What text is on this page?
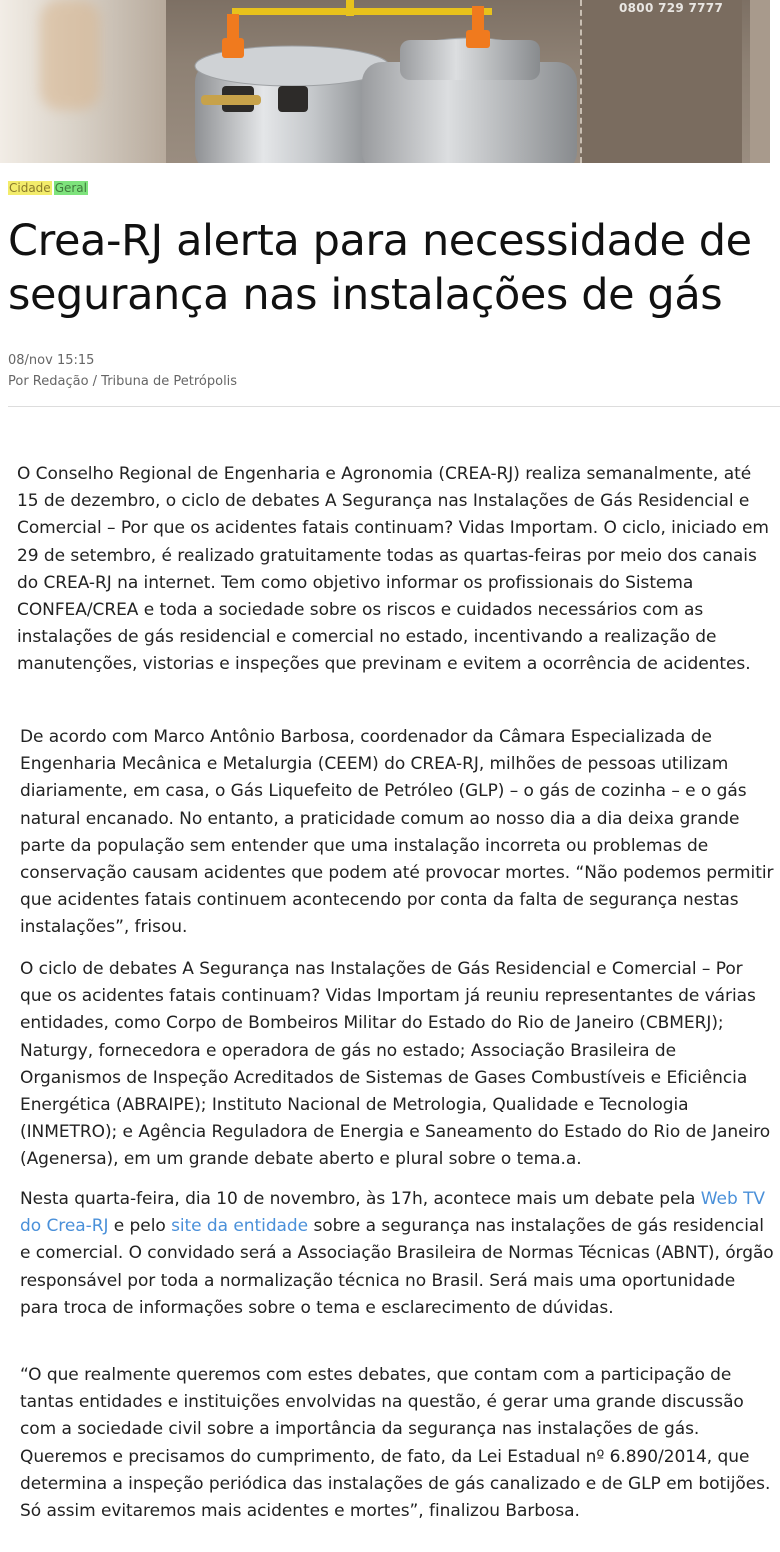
0800 729 7777
Cidade Geral
Crea-RJ alerta para necessidade de segurança nas instalações de gás
08/nov 15:15
Por Redação / Tribuna de Petrópolis

O Conselho Regional de Engenharia e Agronomia (CREA-RJ) realiza semanalmente, até 15 de dezembro, o ciclo de debates A Segurança nas Instalações de Gás Residencial e Comercial – Por que os acidentes fatais continuam? Vidas Importam. O ciclo, iniciado em 29 de setembro, é realizado gratuitamente todas as quartas-feiras por meio dos canais do CREA-RJ na internet. Tem como objetivo informar os profissionais do Sistema CONFEA/CREA e toda a sociedade sobre os riscos e cuidados necessários com as instalações de gás residencial e comercial no estado, incentivando a realização de manutenções, vistorias e inspeções que previnam e evitem a ocorrência de acidentes.

De acordo com Marco Antônio Barbosa, coordenador da Câmara Especializada de Engenharia Mecânica e Metalurgia (CEEM) do CREA-RJ, milhões de pessoas utilizam diariamente, em casa, o Gás Liquefeito de Petróleo (GLP) – o gás de cozinha – e o gás natural encanado. No entanto, a praticidade comum ao nosso dia a dia deixa grande parte da população sem entender que uma instalação incorreta ou problemas de conservação causam acidentes que podem até provocar mortes. “Não podemos permitir que acidentes fatais continuem acontecendo por conta da falta de segurança nestas instalações”, frisou.

O ciclo de debates A Segurança nas Instalações de Gás Residencial e Comercial – Por que os acidentes fatais continuam? Vidas Importam já reuniu representantes de várias entidades, como Corpo de Bombeiros Militar do Estado do Rio de Janeiro (CBMERJ); Naturgy, fornecedora e operadora de gás no estado; Associação Brasileira de Organismos de Inspeção Acreditados de Sistemas de Gases Combustíveis e Eficiência Energética (ABRAIPE); Instituto Nacional de Metrologia, Qualidade e Tecnologia (INMETRO); e Agência Reguladora de Energia e Saneamento do Estado do Rio de Janeiro (Agenersa), em um grande debate aberto e plural sobre o tema.a.

Nesta quarta-feira, dia 10 de novembro, às 17h, acontece mais um debate pela Web TV do Crea-RJ e pelo site da entidade sobre a segurança nas instalações de gás residencial e comercial. O convidado será a Associação Brasileira de Normas Técnicas (ABNT), órgão responsável por toda a normalização técnica no Brasil. Será mais uma oportunidade para troca de informações sobre o tema e esclarecimento de dúvidas.

“O que realmente queremos com estes debates, que contam com a participação de tantas entidades e instituições envolvidas na questão, é gerar uma grande discussão com a sociedade civil sobre a importância da segurança nas instalações de gás. Queremos e precisamos do cumprimento, de fato, da Lei Estadual nº 6.890/2014, que determina a inspeção periódica das instalações de gás canalizado e de GLP em botijões. Só assim evitaremos mais acidentes e mortes”, finalizou Barbosa.
